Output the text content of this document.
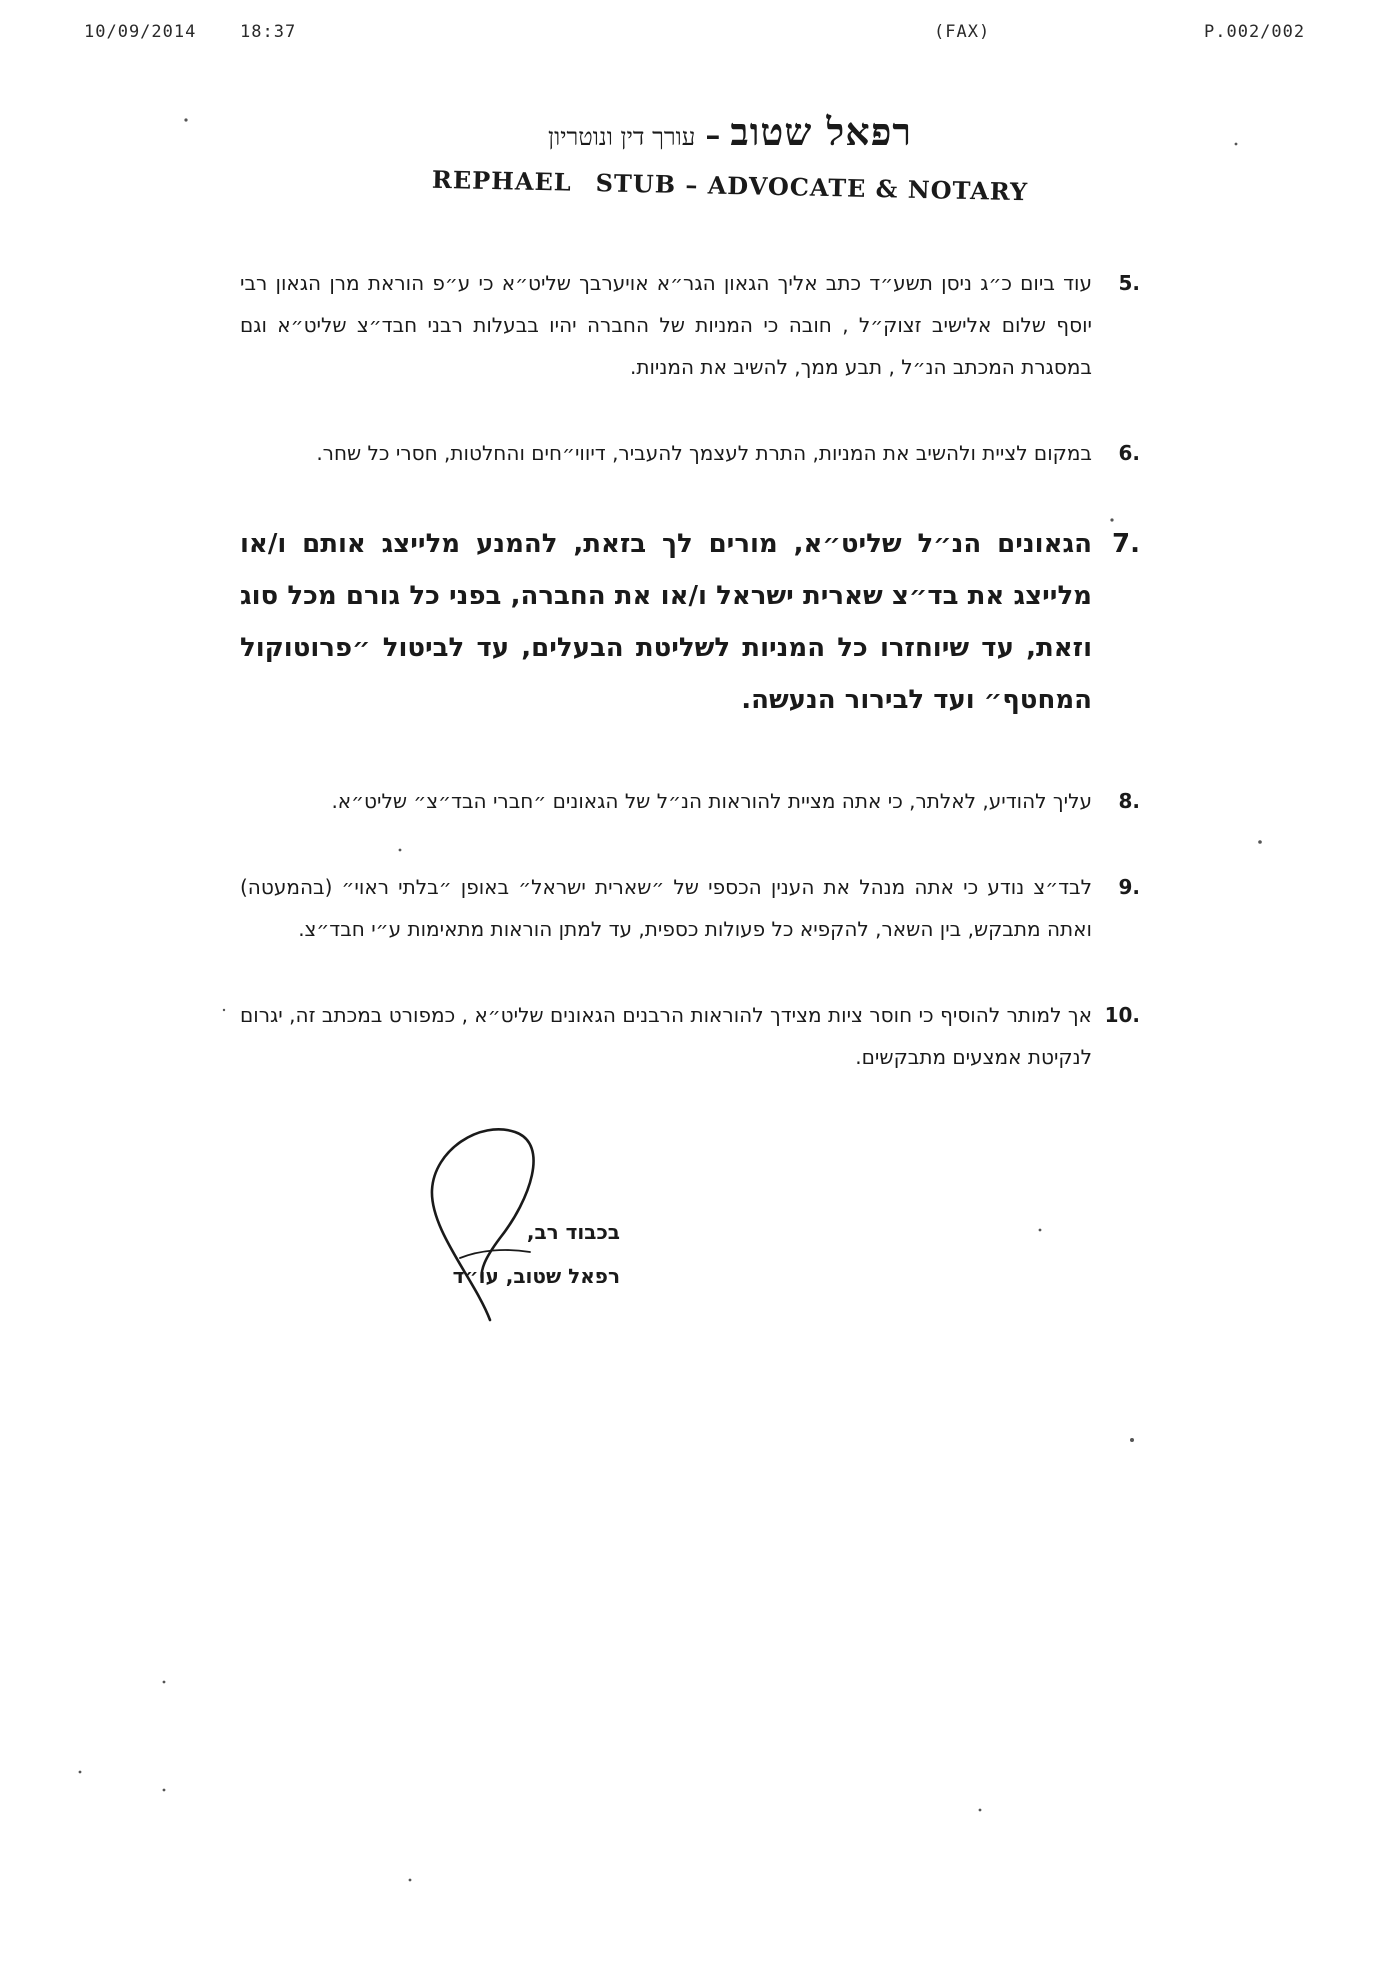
10/09/2014	18:37	(FAX)	P.002/002
רפאל שטוב–עורך דין ונוטריון
REPHAEL STUB – ADVOCATE & NOTARY
5.
עוד ביום כ״ג ניסן תשע״ד כתב אליך הגאון הגר״א אויערבך שליט״א כי ע״פ הוראת מרן הגאון רבי יוסף שלום אלישיב זצוק״ל , חובה כי המניות של החברה יהיו בבעלות רבני חבד״צ שליט״א וגם במסגרת המכתב הנ״ל , תבע ממך, להשיב את המניות.
6.
במקום לציית ולהשיב את המניות, התרת לעצמך להעביר, דיווי״חים והחלטות, חסרי כל שחר.
7.
הגאונים הנ״ל שליט״א, מורים לך בזאת, להמנע מלייצג אותם ו/או מלייצג את בד״צ שארית ישראל ו/או את החברה, בפני כל גורם מכל סוג וזאת, עד שיוחזרו כל המניות לשליטת הבעלים, עד לביטול ״פרוטוקול המחטף״ ועד לבירור הנעשה.
8.
עליך להודיע, לאלתר, כי אתה מציית להוראות הנ״ל של הגאונים ״חברי הבד״צ״ שליט״א.
9.
לבד״צ נודע כי אתה מנהל את הענין הכספי של ״שארית ישראל״ באופן ״בלתי ראוי״ (בהמעטה) ואתה מתבקש, בין השאר, להקפיא כל פעולות כספית, עד למתן הוראות מתאימות ע״י חבד״צ.
10.
אך למותר להוסיף כי חוסר ציות מצידך להוראות הרבנים הגאונים שליט״א , כמפורט במכתב זה, יגרום לנקיטת אמצעים מתבקשים.
בכבוד רב,
רפאל שטוב, עו״ד
